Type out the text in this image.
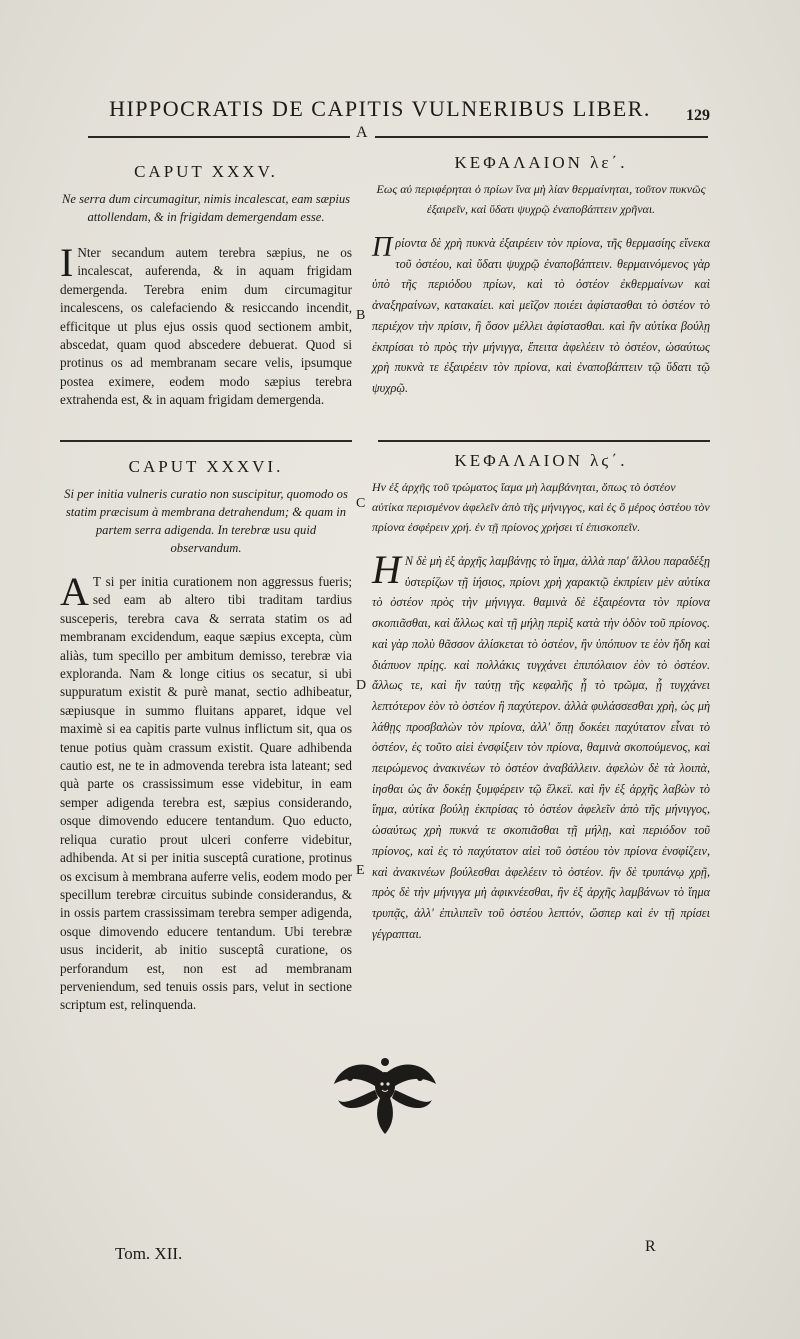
HIPPOCRATIS DE CAPITIS VULNERIBUS LIBER.	129
A

CAPUT XXXV.

Ne serra dum circumagitur, nimis incalescat, eam sæpius attollendam, & in frigidam demergendam esse.

I Nter secandum autem terebra sæpius, ne os incalescat, auferenda, & in aquam frigidam demergenda. Terebra enim dum circumagitur incalescens, os calefaciendo & resiccando incendit, efficitque ut plus ejus ossis quod sectionem ambit, abscedat, quam quod abscedere debuerat. Quod si protinus os ad membranam secare velis, ipsumque postea eximere, eodem modo sæpius terebra extrahenda est, & in aquam frigidam demergenda.

ΚΕΦΑΛΑΙΟΝ λε΄.

Εως αὐ περιφέρηται ὁ πρίων ἵνα μὴ λίαν θερμαίνηται, τοῦτον πυκνῶς ἐξαιρεῖν, καὶ ὕδατι ψυχρῷ ἐναποβάπτειν χρῆναι.

Πρίοντα δὲ χρὴ πυκνὰ ἐξαιρέειν τὸν πρίονα, τῆς θερμασίης εἵνεκα τοῦ ὀστέου, καὶ ὕδατι ψυχρῷ ἐναποβάπτειν. θερμαινόμενος γὰρ ὑπὸ τῆς περιόδου πρίων, καὶ τὸ ὀστέον ἐκθερμαίνων καὶ ἀναξηραίνων, κατακαίει. καὶ μεῖζον ποιέει ἀφίστασθαι τὸ ὀστέον τὸ περιέχον τὴν πρίσιν, ἢ ὅσον μέλλει ἀφίστασθαι. καὶ ἢν αὐτίκα βούλῃ ἐκπρίσαι τὸ πρὸς τὴν μήνιγγα, ἔπειτα ἀφελέειν τὸ ὀστέον, ὡσαύτως χρὴ πυκνὰ τε ἐξαιρέειν τὸν πρίονα, καὶ ἐναποβάπτειν τῷ ὕδατι τῷ ψυχρῷ.

CAPUT XXXVI.

Si per initia vulneris curatio non suscipitur, quomodo os statim præcisum à membrana detrahendum; & quam in partem serra adigenda. In terebræ usu quid observandum.

A T si per initia curationem non aggressus fueris; sed eam ab altero tibi traditam tardius susceperis, terebra cava & serrata statim os ad membranam excidendum, eaque sæpius excepta, cùm aliàs, tum specillo per ambitum demisso, terebræ via exploranda. Nam & longe citius os secatur, si ubi suppuratum existit & purè manat, sectio adhibeatur, sæpiusque in summo fluitans apparet, idque vel maximè si ea capitis parte vulnus inflictum sit, qua os tenue potius quàm crassum existit. Quare adhibenda cautio est, ne te in admovenda terebra ista lateant; sed quà parte os crassissimum esse videbitur, in eam semper adigenda terebra est, sæpius considerando, osque dimovendo educere tentandum. Quo educto, reliqua curatio prout ulceri conferre videbitur, adhibenda. At si per initia susceptâ curatione, protinus os excisum à membrana auferre velis, eodem modo per specillum terebræ circuitus subinde considerandus, & in ossis partem crassissimam terebra semper adigenda, osque dimovendo educere tentandum. Ubi terebræ usus inciderit, ab initio susceptâ curatione, os perforandum est, non est ad membranam perveniendum, sed tenuis ossis pars, velut in sectione scriptum est, relinquenda.

ΚΕΦΑΛΑΙΟΝ λϛ΄.

Ην ἐξ ἀρχῆς τοῦ τρώματος ἴαμα μὴ λαμβάνηται, ὅπως τὸ ὀστέον αὐτίκα περισμένον ἀφελεῖν ἀπὸ τῆς μήνιγγος, καὶ ἐς ὃ μέρος ὀστέου τὸν πρίονα ἐσφέρειν χρή. ἐν τῇ πρίονος χρήσει τί ἐπισκοπεῖν.

Η Ν δὲ μὴ ἐξ ἀρχῆς λαμβάνῃς τὸ ἴημα, ἀλλὰ παρ' ἄλλου παραδέξῃ ὑστερίζων τῇ ἰήσιος, πρίονι χρὴ χαρακτῷ ἐκπρίειν μὲν αὐτίκα τὸ ὀστέον πρὸς τὴν μήνιγγα. θαμινὰ δὲ ἐξαιρέοντα τὸν πρίονα σκοπιᾶσθαι, καὶ ἄλλως καὶ τῇ μήλῃ περὶξ κατὰ τὴν ὁδὸν τοῦ πρίονος. καὶ γὰρ πολὺ θᾶσσον ἀλίσκεται τὸ ὀστέον, ἢν ὑπόπυον τε ἐὸν ἤδη καὶ διάπυον πρίῃς. καὶ πολλάκις τυγχάνει ἐπιπόλαιον ἐὸν τὸ ὀστέον. ἄλλως τε, καὶ ἢν ταύτῃ τῆς κεφαλῆς ᾖ τὸ τρῶμα, ᾗ τυγχάνει λεπτότερον ἐὸν τὸ ὀστέον ἢ παχύτερον. ἀλλὰ φυλάσσεσθαι χρὴ, ὡς μὴ λάθῃς προσβαλὼν τὸν πρίονα, ἀλλ' ὅπῃ δοκέει παχύτατον εἶναι τὸ ὀστέον, ἐς τοῦτο αἰεὶ ἐνσφίξειν τὸν πρίονα, θαμινὰ σκοπούμενος, καὶ πειρώμενος ἀνακινέων τὸ ὀστέον ἀναβάλλειν. ἀφελὼν δὲ τὰ λοιπὰ, ἰησθαι ὡς ἂν δοκέῃ ξυμφέρειν τῷ ἕλκεϊ. καὶ ἢν ἐξ ἀρχῆς λαβὼν τὸ ἴημα, αὐτίκα βούλῃ ἐκπρίσας τὸ ὀστέον ἀφελεῖν ἀπὸ τῆς μήνιγγος, ὡσαύτως χρὴ πυκνά τε σκοπιᾶσθαι τῇ μήλῃ, καὶ περιόδον τοῦ πρίονος, καὶ ἐς τὸ παχύτατον αἰεὶ τοῦ ὀστέου τὸν πρίονα ἐνσφίζειν, καὶ ἀνακινέων βούλεσθαι ἀφελέειν τὸ ὀστέον. ἢν δὲ τρυπάνῳ χρῇ, πρὸς δὲ τὴν μήνιγγα μὴ ἀφικνέεσθαι, ἢν ἐξ ἀρχῆς λαμβάνων τὸ ἴημα τρυπᾷς, ἀλλ' ἐπιλιπεῖν τοῦ ὀστέου λεπτόν, ὥσπερ καὶ ἐν τῇ πρίσει γέγραπται.

B
C
D
E
Tom. XII.	R
